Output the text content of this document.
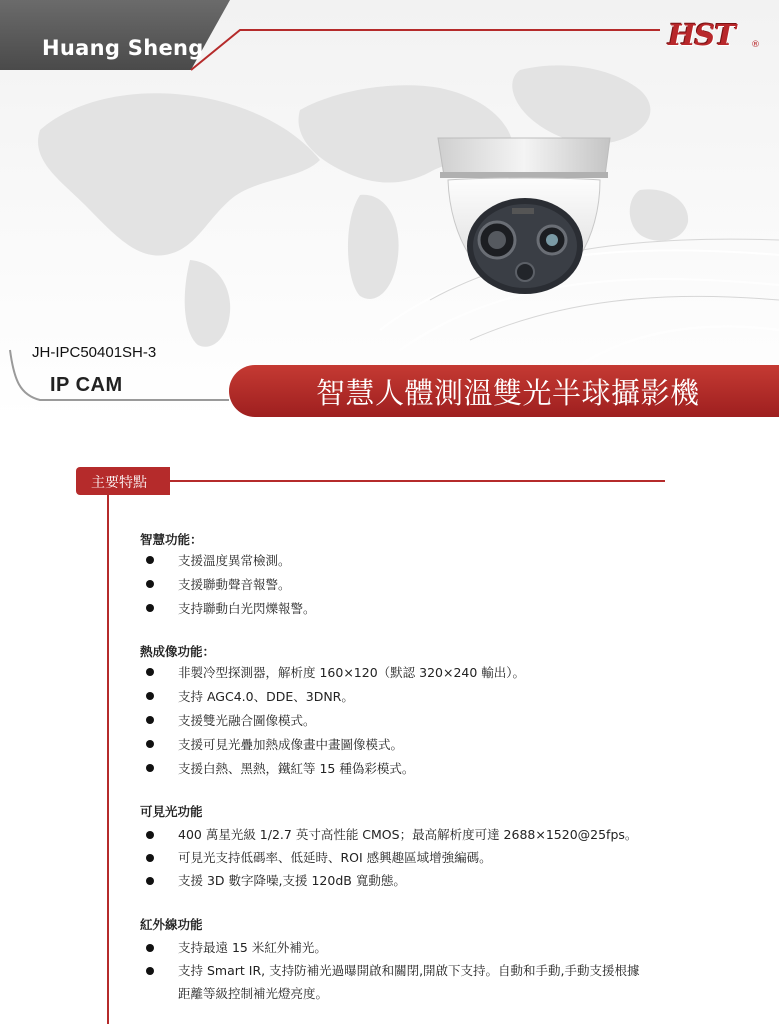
Huang Sheng	HST ®
JH-IPC50401SH-3
IP CAM	智慧人體測溫雙光半球攝影機
主要特點
智慧功能：
支援溫度異常檢測。
支援聯動聲音報警。
支持聯動白光閃爍報警。
熱成像功能：
非製冷型探測器，解析度 160×120（默認 320×240 輸出）。
支持 AGC4.0、DDE、3DNR。
支援雙光融合圖像模式。
支援可見光疊加熱成像畫中畫圖像模式。
支援白熱、黑熱，鐵紅等 15 種偽彩模式。
可見光功能
400 萬星光級 1/2.7 英寸高性能 CMOS；最高解析度可達 2688×1520@25fps。
可見光支持低碼率、低延時、ROI 感興趣區域增強編碼。
支援 3D 數字降噪,支援 120dB 寬動態。
紅外線功能
支持最遠 15 米紅外補光。
支持 Smart IR, 支持防補光過曝開啟和關閉,開啟下支持。自動和手動,手動支援根據
距離等級控制補光燈亮度。
